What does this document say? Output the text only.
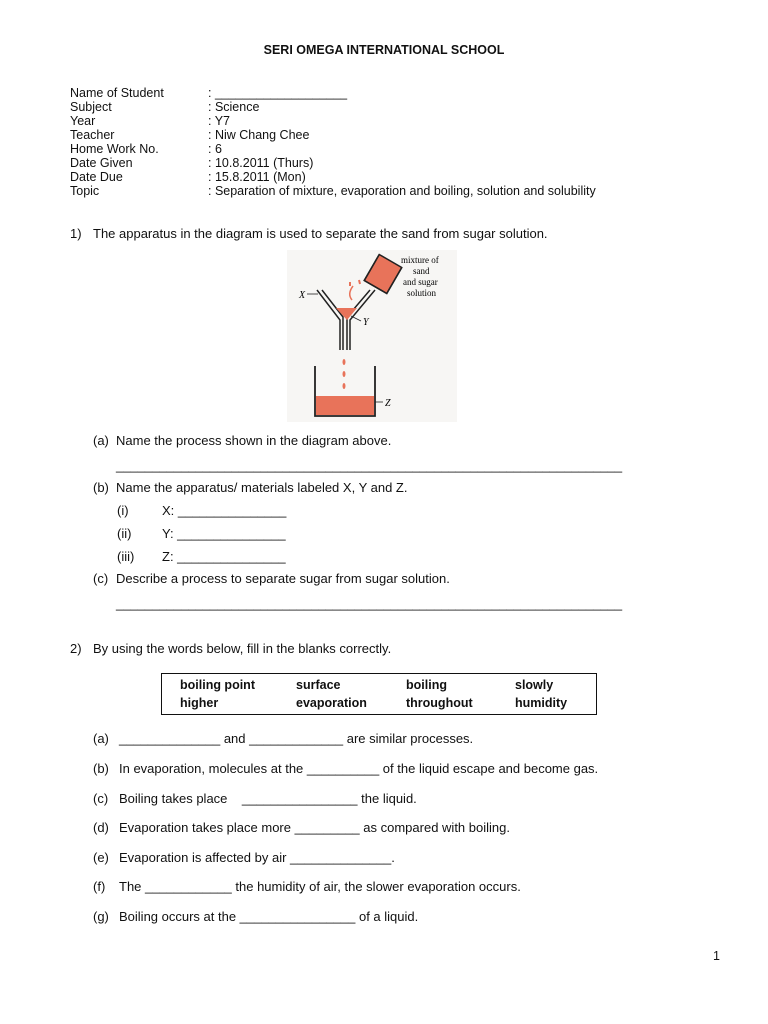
SERI OMEGA INTERNATIONAL SCHOOL
Name of Student	: ___________________
Subject	: Science
Year	: Y7
Teacher	: Niw Chang Chee
Home Work No.	: 6
Date Given	: 10.8.2011 (Thurs)
Date Due	: 15.8.2011 (Mon)
Topic	: Separation of mixture, evaporation and boiling, solution and solubility
1) The apparatus in the diagram is used to separate the sand from sugar solution.
mixture of
sand
and sugar
solution
X
Y
Z
(a) Name the process shown in the diagram above.
______________________________________________________________________
(b) Name the apparatus/ materials labeled X, Y and Z.
(i)	X: _______________
(ii) Y: _______________
(iii) Z: _______________
(c) Describe a process to separate sugar from sugar solution.
______________________________________________________________________
2) By using the words below, fill in the blanks correctly.
boiling point	surface	boiling	slowly
higher	evaporation	throughout	humidity
(a) ______________ and _____________ are similar processes.
(b) In evaporation, molecules at the __________ of the liquid escape and become gas.
(c) Boiling takes place    ________________ the liquid.
(d) Evaporation takes place more _________ as compared with boiling.
(e) Evaporation is affected by air ______________.
(f) The ____________ the humidity of air, the slower evaporation occurs.
(g) Boiling occurs at the ________________ of a liquid.
1
